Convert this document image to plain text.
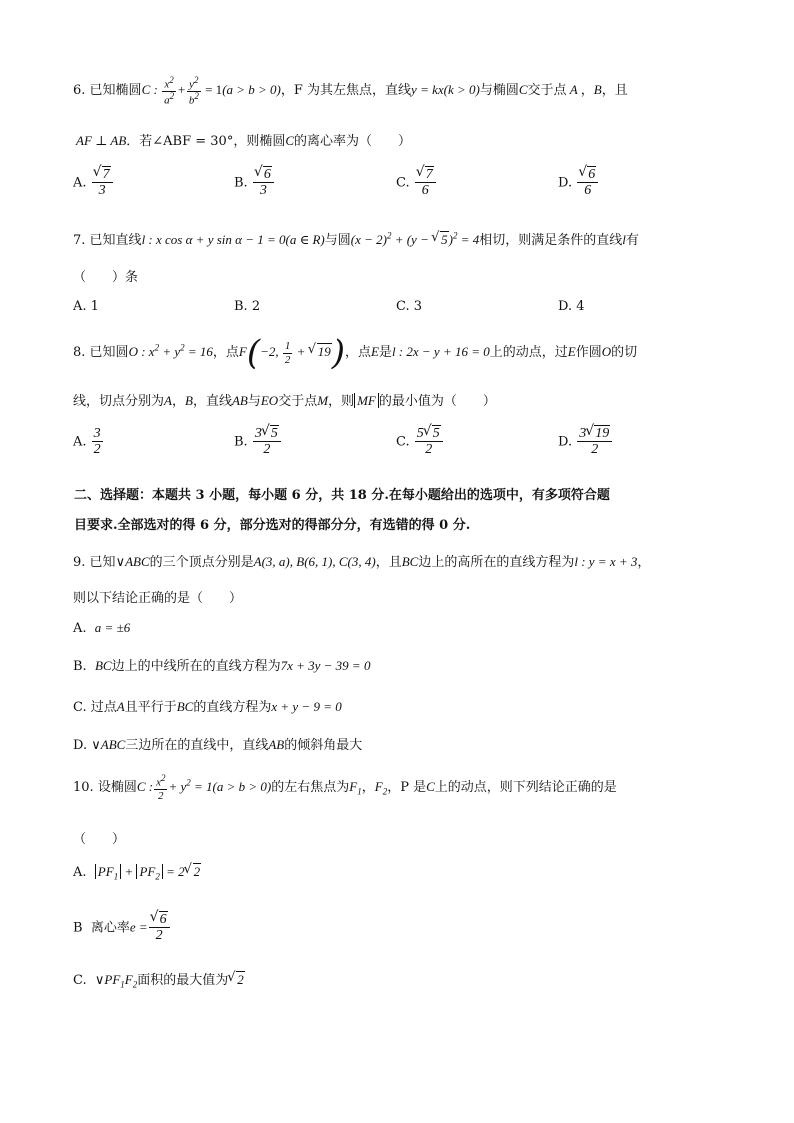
6. 已知椭圆C : $\frac{x^2}{a^2} + \frac{y^2}{b^2} = 1(a > b > 0)$，F 为其左焦点，直线y = kx(k > 0)与椭圆C交于点 A ，B，且
AF ⊥ AB．若∠ABF = 30°，则椭圆C的离心率为（　　）
A.
√ $\frac{7}{3}$	B.
√ $\frac{6}{3}$	C.
√ $\frac{7}{6}$	D.
√ $\frac{6}{6}$
7. 已知直线l : x cos α + y sin α − 1 = 0(a ∈ R)与圆$(x - 2)^2 + (y$ − √ 5)$^2$ = 4相切，则满足条件的直线l有
（　　）条
A. 1	B. 2	C. 3	D. 4
8. 已知圆O : $x^2 + y^2 = 16$，点F(−2, $\frac{1}{2}$ + √ 19)，点E是l : 2x − y + 16 = 0上的动点，过E作圆O的切
线，切点分别为A，B，直线AB与EO交于点M，则 MF 的最小值为（　　）
A. $\frac{3}{2}$	B. $\frac{3√ 5}{2}$	C. $\frac{5√ 5}{2}$	D. $\frac{3√ 19}{2}$
二、选择题：本题共 3 小题，每小题 6 分，共 18 分.在每小题给出的选项中，有多项符合题
目要求.全部选对的得 6 分，部分选对的得部分分，有选错的得 0 分.
9. 已知∨ABC的三个顶点分别是A(3, a), B(6, 1), C(3, 4)，且BC边上的高所在的直线方程为l : y = x + 3，
则以下结论正确的是（　　）
A. a = ±6
B. BC边上的中线所在的直线方程为7x + 3y − 39 = 0
C. 过点A且平行于BC的直线方程为x + y − 9 = 0
D. ∨ABC三边所在的直线中，直线AB的倾斜角最大
10. 设椭圆C : $\frac{x^2}{2} + y^2 = 1(a > b > 0)$的左右焦点为$F_1$，$F_2$，P 是C上的动点，则下列结论正确的是
（　　）
A. $PF_1 + PF_2 = 2√$ 2
B 离心率e =
√ $\frac{6}{2}$
C. $\vee PF_1F_2$面积的最大值为√ 2
